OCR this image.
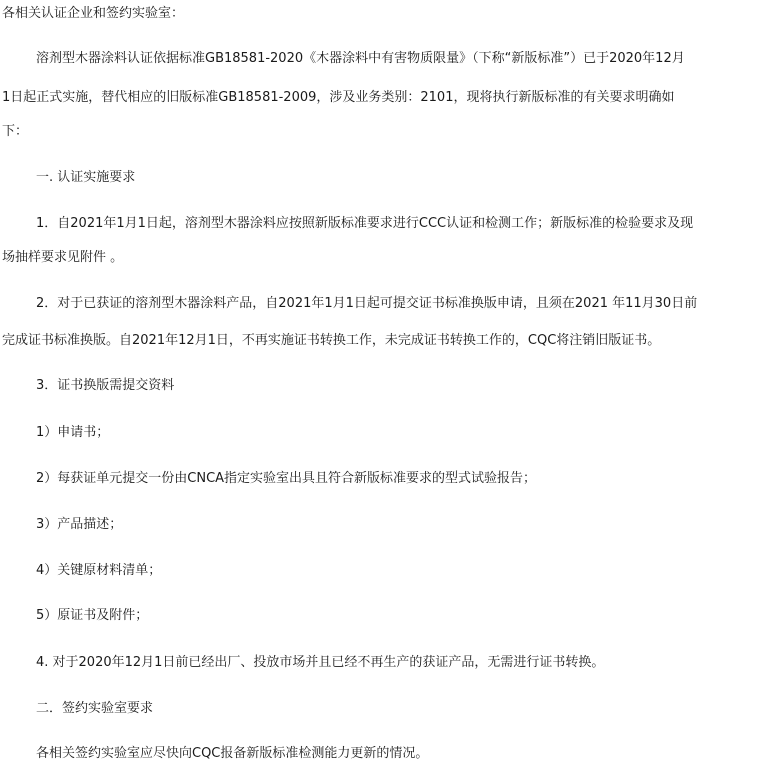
各相关认证企业和签约实验室：
溶剂型木器涂料认证依据标准GB18581-2020《木器涂料中有害物质限量》（下称“新版标准”）已于2020年12月
1日起正式实施，替代相应的旧版标准GB18581-2009，涉及业务类别：2101，现将执行新版标准的有关要求明确如
下：
一. 认证实施要求
1．自2021年1月1日起，溶剂型木器涂料应按照新版标准要求进行CCC认证和检测工作；新版标准的检验要求及现
场抽样要求见附件 。
2．对于已获证的溶剂型木器涂料产品，自2021年1月1日起可提交证书标准换版申请，且须在2021 年11月30日前
完成证书标准换版。自2021年12月1日，不再实施证书转换工作，未完成证书转换工作的，CQC将注销旧版证书。
3．证书换版需提交资料
1）申请书；
2）每获证单元提交一份由CNCA指定实验室出具且符合新版标准要求的型式试验报告；
3）产品描述；
4）关键原材料清单；
5）原证书及附件；
4. 对于2020年12月1日前已经出厂、投放市场并且已经不再生产的获证产品，无需进行证书转换。
二．签约实验室要求
各相关签约实验室应尽快向CQC报备新版标准检测能力更新的情况。
